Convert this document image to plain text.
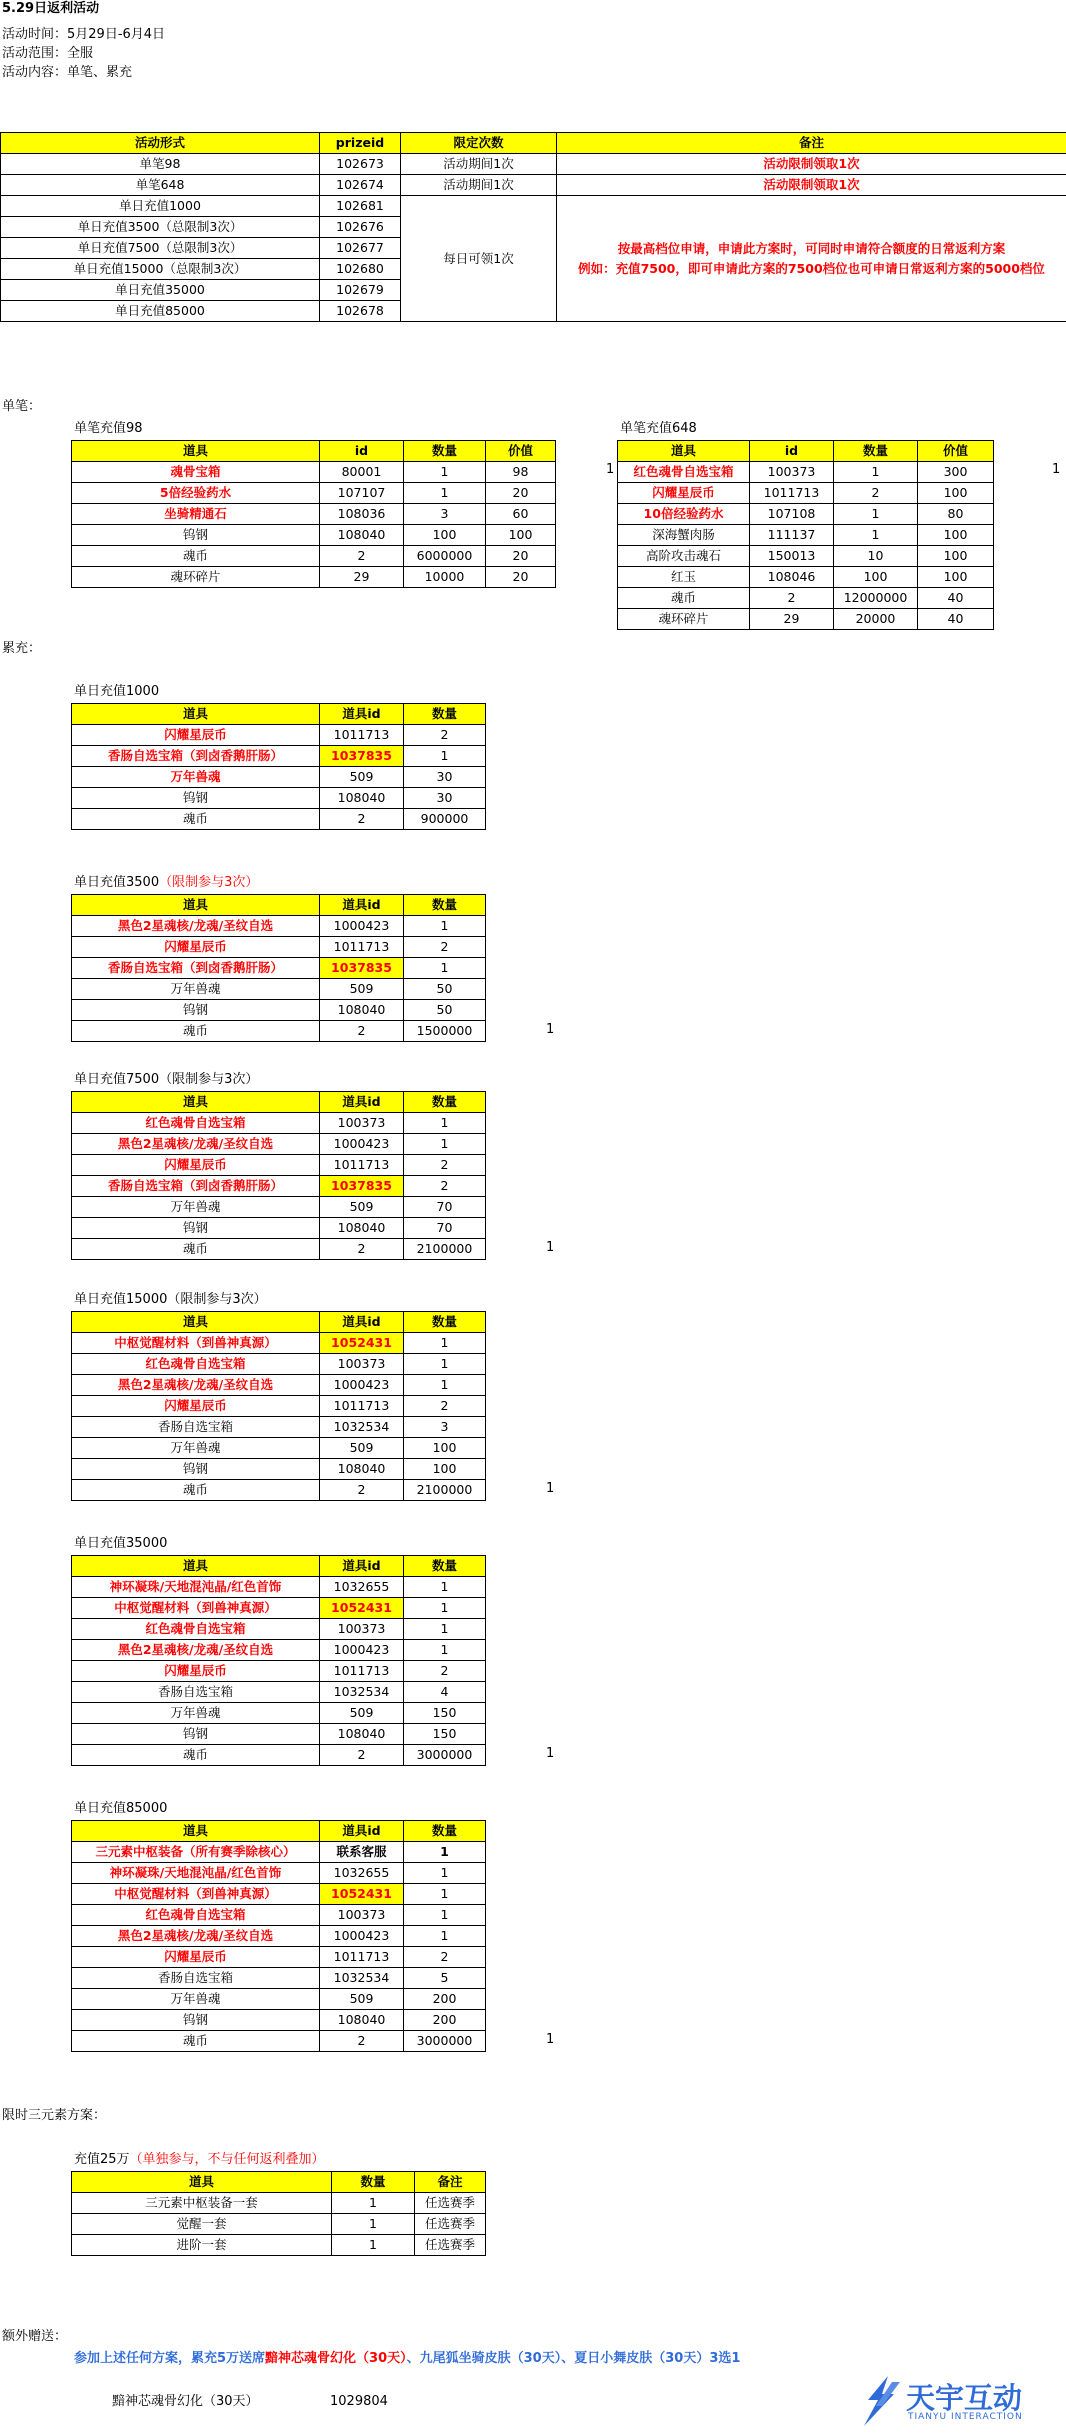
5.29日返利活动
活动时间：5月29日-6月4日
活动范围：全服
活动内容：单笔、累充
活动形式	prizeid	限定次数	备注
单笔98	102673	活动期间1次	活动限制领取1次
单笔648	102674	活动期间1次	活动限制领取1次
单日充值1000	102681	每日可领1次	按最高档位申请，申请此方案时，可同时申请符合额度的日常返利方案
例如：充值7500，即可申请此方案的7500档位也可申请日常返利方案的5000档位

单日充值3500（总限制3次）	102676		
单日充值7500（总限制3次）	102677		
单日充值15000（总限制3次）	102680		
单日充值35000	102679		
单日充值85000	102678		
单笔：
单笔充值98
道具	id	数量	价值
魂骨宝箱	80001	1	98
5倍经验药水	107107	1	20
坐骑精通石	108036	3	60
钨钢	108040	100	100
魂币	2	6000000	20
魂环碎片	29	10000	20
1
单笔充值648
道具	id	数量	价值
红色魂骨自选宝箱	100373	1	300
闪耀星辰币	1011713	2	100
10倍经验药水	107108	1	80
深海蟹肉肠	111137	1	100
高阶攻击魂石	150013	10	100
红玉	108046	100	100
魂币	2	12000000	40
魂环碎片	29	20000	40
1
累充：
单日充值1000
道具	道具id	数量
闪耀星辰币	1011713	2
香肠自选宝箱（到卤香鹅肝肠）	1037835	1
万年兽魂	509	30
钨钢	108040	30
魂币	2	900000
单日充值3500（限制参与3次）
道具	道具id	数量
黑色2星魂核/龙魂/圣纹自选	1000423	1
闪耀星辰币	1011713	2
香肠自选宝箱（到卤香鹅肝肠）	1037835	1
万年兽魂	509	50
钨钢	108040	50
魂币	2	1500000	1
单日充值7500（限制参与3次）
道具	道具id	数量
红色魂骨自选宝箱	100373	1
黑色2星魂核/龙魂/圣纹自选	1000423	1
闪耀星辰币	1011713	2
香肠自选宝箱（到卤香鹅肝肠）	1037835	2
万年兽魂	509	70
钨钢	108040	70
魂币	2	2100000	1
单日充值15000（限制参与3次）
道具	道具id	数量
中枢觉醒材料（到兽神真源）	1052431	1
红色魂骨自选宝箱	100373	1
黑色2星魂核/龙魂/圣纹自选	1000423	1
闪耀星辰币	1011713	2
香肠自选宝箱	1032534	3
万年兽魂	509	100
钨钢	108040	100
魂币	2	2100000	1
单日充值35000
道具	道具id	数量
神环凝珠/天地混沌晶/红色首饰	1032655	1
中枢觉醒材料（到兽神真源）	1052431	1
红色魂骨自选宝箱	100373	1
黑色2星魂核/龙魂/圣纹自选	1000423	1
闪耀星辰币	1011713	2
香肠自选宝箱	1032534	4
万年兽魂	509	150
钨钢	108040	150
魂币	2	3000000	1
单日充值85000
道具	道具id	数量
三元素中枢装备（所有赛季除核心）	联系客服	1
神环凝珠/天地混沌晶/红色首饰	1032655	1
中枢觉醒材料（到兽神真源）	1052431	1
红色魂骨自选宝箱	100373	1
黑色2星魂核/龙魂/圣纹自选	1000423	1
闪耀星辰币	1011713	2
香肠自选宝箱	1032534	5
万年兽魂	509	200
钨钢	108040	200
魂币	2	3000000	1
限时三元素方案：
充值25万（单独参与，不与任何返利叠加）
道具	数量	备注
三元素中枢装备一套	1	任选赛季
觉醒一套	1	任选赛季
进阶一套	1	任选赛季
额外赠送：
参加上述任何方案，累充5万送席黯神芯魂骨幻化（30天）、九尾狐坐骑皮肤（30天）、夏日小舞皮肤（30天）3选1
黯神芯魂骨幻化（30天）	1029804	天宇互动
TIANYU INTERACTION
